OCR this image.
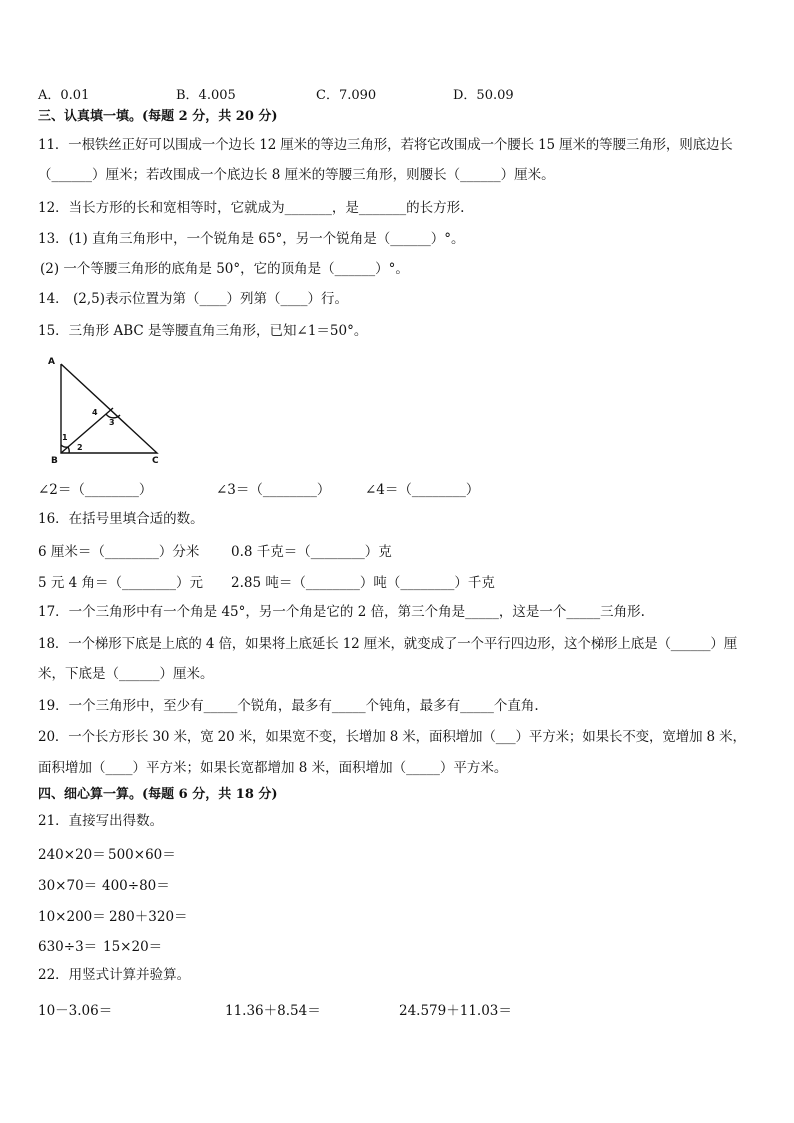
A．0.01	B．4.005	C．7.090	D．50.09
三、认真填一填。(每题 2 分，共 20 分)
11．一根铁丝正好可以围成一个边长 12 厘米的等边三角形，若将它改围成一个腰长 15 厘米的等腰三角形，则底边长
（______）厘米；若改围成一个底边长 8 厘米的等腰三角形，则腰长（______）厘米。
12．当长方形的长和宽相等时，它就成为_______，是_______的长方形.
13．(1) 直角三角形中，一个锐角是 65°，另一个锐角是（______）°。
(2) 一个等腰三角形的底角是 50°，它的顶角是（______）°。
14． (2,5)表示位置为第（____）列第（____）行。
15．三角形 ABC 是等腰直角三角形，已知∠1＝50°。
A
B	C
1
2
3
4
∠2＝（________）	∠3＝（________）	∠4＝（________）
16．在括号里填合适的数。
6 厘米＝（________）分米 0.8 千克＝（________）克
5 元 4 角＝（________）元 2.85 吨＝（________）吨（________）千克
17．一个三角形中有一个角是 45°，另一个角是它的 2 倍，第三个角是_____，这是一个_____三角形.
18．一个梯形下底是上底的 4 倍，如果将上底延长 12 厘米，就变成了一个平行四边形，这个梯形上底是（______）厘
米，下底是（______）厘米。
19．一个三角形中，至少有_____个锐角，最多有_____个钝角，最多有_____个直角.
20．一个长方形长 30 米，宽 20 米，如果宽不变，长增加 8 米，面积增加（___）平方米；如果长不变，宽增加 8 米，
面积增加（____）平方米；如果长宽都增加 8 米，面积增加（_____）平方米。
四、细心算一算。(每题 6 分，共 18 分)
21．直接写出得数。
240×20＝ 500×60＝
30×70＝ 400÷80＝
10×200＝ 280＋320＝
630÷3＝ 15×20＝
22．用竖式计算并验算。
10－3.06＝	11.36＋8.54＝	24.579＋11.03＝
